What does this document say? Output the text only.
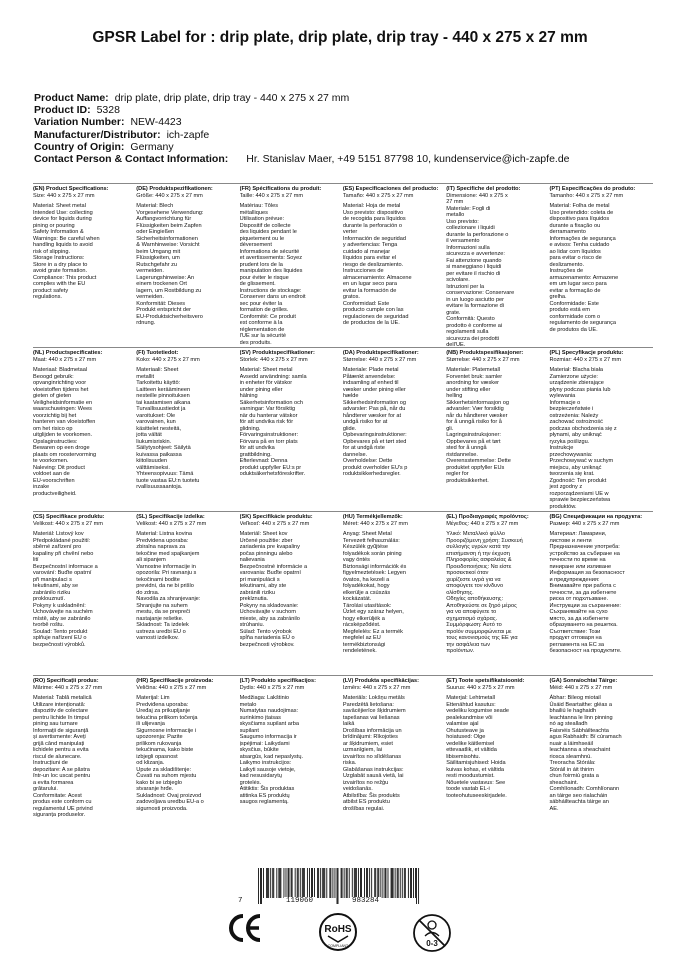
GPSR Label for : drip plate, drip plate, drip tray - 440 x 275 x 27 mm
Product Name: drip plate, drip plate, drip tray - 440 x 275 x 27 mm
Product ID: 5328
Variation Number: NEW-4423
Manufacturer/Distributor: ich-zapfe
Country of Origin: Germany
Contact Person & Contact Information: Hr. Stanislav Maer, +49 5151 87798 10, kundenservice@ich-zapfe.de
(EN) Product Specifications:
Size: 440 x 275 x 27 mm
Material: Sheet metal
Intended Use: collecting
device for liquids during
pining or pouring
Safety Information &
Warnings: Be careful when
handling liquids to avoid
risk of slipping.
Storage Instructions:
Store in a dry place to
avoid grate formation.
Compliance: This product
complies with the EU
product safety
regulations.
(DE) Produktspezifikationen:
Größe: 440 x 275 x 27 mm
Material: Blech
Vorgesehene Verwendung:
Auffangvorrichtung für
Flüssigkeiten beim Zapfen
oder Eingießen
Sicherheitsinformationen
& Warnhinweise: Vorsicht
beim Umgang mit
Flüssigkeiten, um
Rutschgefahr zu
vermeiden.
Lagerungshinweise: An
einem trockenen Ort
lagern, um Rostbildung zu
vermeiden.
Konformität: Dieses
Produkt entspricht der
EU-Produktsicherheitsverо
rdnung.
(FR) Spécifications du produit:
Taille: 440 x 275 x 27 mm
Matériau: Tôles
métalliques
Utilisation prévue:
Dispositif de collecte
des liquides pendant le
piquetement ou le
déversement
Informations de sécurité
et avertissements: Soyez
prudent lors de la
manipulation des liquides
pour éviter le risque
de glissement.
Instructions de stockage:
Conserver dans un endroit
sec pour éviter la
formation de grilles.
Conformité: Ce produit
est conforme à la
réglementation de
l'UE sur la sécurité
des produits.
(ES) Especificaciones del producto:
Tamaño: 440 x 275 x 27 mm
Material: Hoja de metal
Uso previsto: dispositivo
de recogida para líquidos
durante la perforación o
verter
Información de seguridad
y advertencias: Tenga
cuidado al manejar
líquidos para evitar el
riesgo de deslizamiento.
Instrucciones de
almacenamiento: Almacene
en un lugar seco para
evitar la formación de
gratos.
Conformidad: Este
producto cumple con las
regulaciones de seguridad
de productos de la UE.
(IT) Specifiche del prodotto:
Dimensione: 440 x 275 x
27 mm
Materiale: Fogli di
metallo
Uso previsto:
collezionare i liquidi
durante la perforazione o
il versamento
Informazioni sulla
sicurezza e avvertenze:
Fai attenzione quando
si maneggiano i liquidi
per evitare il rischio di
scivolare.
Istruzioni per la
conservazione: Conservare
in un luogo asciutto per
evitare la formazione di
grate.
Conformità: Questo
prodotto è conforme ai
regolamenti sulla
sicurezza dei prodotti
dell'UE.
(PT) Especificações do produto:
Tamanho: 440 x 275 x 27 mm
Material: Folha de metal
Uso pretendido: coleta de
dispositivo para líquidos
durante a fixação ou
derramamento
Informações de segurança
e avisos: Tenha cuidado
ao lidar com líquidos
para evitar o risco de
deslizamento.
Instruções de
armazenamento: Armazene
em um lugar seco para
evitar a formação de
grelha.
Conformidade: Este
produto está em
conformidade com o
regulamento de segurança
de produtos da UE.
(NL) Productspecificaties:
Maat: 440 x 275 x 27 mm
Materiaal: Bladmetaal
Beoogd gebruik:
opvanginrichting voor
vloeistoffen tijdens het
gieten of gieten
Veiligheidsinformatie en
waarschuwingen: Wees
voorzichtig bij het
hanteren van vloeistoffen
om het risico op
uitglijden te voorkomen.
Opslaginstructies:
Bewaren op een droge
plaats om roostervorming
te voorkomen.
Naleving: Dit product
voldoet aan de
EU-voorschriften
inzake
productveiligheid.
(FI) Tuotetiedot:
Koko: 440 x 275 x 27 mm
Materiaali: Sheet
metallit
Tarkoitettu käyttö:
Laitteen keräämineen
nesteille pinnoituksen
tai kaatamisen aikana
Turvallisuustiedot ja
varoitukset: Ole
varovainen, kun
käsittelet nesteitä,
jotta vältät
liukumisriskin.
Säilytysohjeet: Säilytä
kuivassa paikassa
kiitolisuuden
välttämiseksi.
Yhteensopivuus: Tämä
tuote vastaa EU:n tuotetu
rvallisuussaantoja.
(SV) Produktspecifikationer:
Storlek: 440 x 275 x 27 mm
Material: Sheet metal
Avsedd användning: samla
in enheter för vätskor
under pining eller
hälning
Säkerhetsinformation och
varningar: Var försiktig
när du hanterar vätskor
för att undvika risk för
glidning.
Förvaringsinstruktioner:
Förvara på en torr plats
för att undvika
grattbildning.
Efterlevnad: Denna
produkt uppfyller EU:s pr
oduktsäkerhetsföreskrifter.
(DA) Produktspecifikationer:
Størrelse: 440 x 275 x 27 mm
Materiale: Plade metal
Påtænkt anvendelse:
indsamling af enhed til
væsker under pining eller
hælde
Sikkerhedsinformation og
advarsler: Pas på, når du
håndterer væsker for at
undgå risiko for at
glide.
Opbevaringsinstruktioner:
Opbevares på et tørt sted
for at undgå riste
dannelse.
Overholdelse: Dette
produkt overholder EU's p
roduktsikkerhedsregler.
(NB) Produktspesifikasjoner:
Størrelse: 440 x 275 x 27 mm
Materiale: Platemetall
Forventet bruk: samler
anordning for væsker
under stifting eller
helling
Sikkerhetsinformasjon og
advarsler: Vær forsiktig
når du håndterer væsker
for å unngå risiko for å
gli.
Lagringsinstruksjoner:
Oppbevares på et tørt
sted for å unngå
ristdannelse.
Overensstemmelse: Dette
produktet oppfyller EUs
regler for
produktsikkerhet.
(PL) Specyfikacje produktu:
Rozmiar: 440 x 275 x 27 mm
Materiał: Blacha biała
Zamierzone użycie:
urządzenie zbierające
płyny podczas piania lub
wylewania
Informacje o
bezpieczeństwie i
ostrzeżenia: Należy
zachować ostrożność
podczas obchodzenia się z
płynami, aby uniknąć
ryzyka poślizgu.
Instrukcje
przechowywania:
Przechowywać w suchym
miejscu, aby uniknąć
tworzenia się krat.
Zgodność: Ten produkt
jest zgodny z
rozporządzeniami UE w
sprawie bezpieczeństwa
produktów.
(CS) Specifikace produktu:
Velikost: 440 x 275 x 27 mm
Materiál: Listový kov
Předpokládané použití:
sběrné zařízení pro
kapaliny při chvění nebo
lití
Bezpečnostní informace a
varování: Buďte opatrní
při manipulaci s
tekutinami, aby se
zabránilo riziku
proklouznutí.
Pokyny k uskladnění:
Uchovávejte na suchém
místě, aby se zabránilo
tvorbě roštu.
Soulad: Tento produkt
splňuje nařízení EU o
bezpečnosti výrobků.
(SL) Specifikacije izdelka:
Velikost: 440 x 275 x 27 mm
Material: Listna kovina
Predvidena uporaba:
zbiralna naprava za
tekočine med spajkanjem
ali sipanjem
Varnostne informacije in
opozorila: Pri ravnanju s
tekočinami bodite
previdni, da ne bi prišlo
do zdrsa.
Navodila za shranjevanje:
Shranjujte na suhem
mestu, da se prepreči
nastajanje rešetke.
Skladnost: Ta izdelek
ustreza uredbi EU o
varnosti izdelkov.
(SK) Špecifikácie produktu:
Veľkosť: 440 x 275 x 27 mm
Materiál: Sheet kov
Určené použitie: zber
zariadenia pre kvapaliny
počas pinningu alebo
nalievania
Bezpečnostné informácie a
varovania: Buďte opatrní
pri manipulácii s
tekutinami, aby ste
zabránili riziku
preklznutia.
Pokyny na skladovanie:
Uchovávajte v suchom
mieste, aby sa zabránilo
strúhaniu.
Súlad: Tento výrobok
spĺňa nariadenia EÚ o
bezpečnosti výrobkov.
(HU) Termékjellemzők:
Méret: 440 x 275 x 27 mm
Anyag: Sheet Metal
Tervezett felhasználás:
Készülék gyűjtése
folyadékok során pining
vagy öntés
Biztonsági információk és
figyelmeztetések: Legyen
óvatos, ha kezeli a
folyadékokat, hogy
elkerülje a csúszás
kockázatát.
Tárolási utasítások:
Üzlet egy száraz helyen,
hogy elkerüljék a
rácsképződést.
Megfelelés: Ez a termék
megfelel az EU
termékbiztonsági
rendeletének.
(EL) Προδιαγραφές προϊόντος:
Μέγεθος: 440 x 275 x 27 mm
Υλικό: Μεταλλικό φύλλο
Προοριζόμενη χρήση: Συσκευή
συλλογής υγρών κατά την
επισήμανση ή την έκχυση
Πληροφορίες ασφαλείας &
Προειδοποιήσεις: Να είστε
προσεκτικοί όταν
χειρίζεστε υγρά για να
αποφύγετε τον κίνδυνο
ολίσθησης.
Οδηγίες αποθήκευσης:
Αποθηκεύστε σε ξηρό μέρος
για να αποφύγετε το
σχηματισμό σχάρας.
Συμμόρφωση: Αυτό το
προϊόν συμμορφώνεται με
τους κανονισμούς της ΕΕ για
την ασφάλεια των
προϊόντων.
(BG) Спецификации на продукта:
Размер: 440 x 275 x 27 mm
Материал: Ламарини,
листове и ленти
Предназначение употреба:
устройство за събиране на
течности по време на
пиниране или изливане
Информация за безопасност
и предупреждения:
Внимавайте при работа с
течности, за да избегнете
риска от подхлъзване.
Инструкции за съхранение:
Съхранявайте на сухо
място, за да избегнете
образуването на решетка.
Съответствие: Този
продукт отговаря на
регламента на ЕС за
безопасност на продуктите.
(RO) Specificații produs:
Mărime: 440 x 275 x 27 mm
Material: Tablă metalică
Utilizare intenționată:
dispozitiv de colectare
pentru lichide în timpul
pining sau turnare
Informații de siguranță
și avertismente: Aveți
grijă când manipulați
lichidele pentru a evita
riscul de alunecare.
Instrucțiuni de
depozitare: A se păstra
într-un loc uscat pentru
a evita formarea
grătarului.
Conformitate: Acest
produs este conform cu
regulamentul UE privind
siguranța produselor.
(HR) Specifikacije proizvoda:
Veličina: 440 x 275 x 27 mm
Materijal: Lim
Predviđena uporaba:
Uređaj za prikupljanje
tekućina prilikom točenja
ili ulijevanja
Sigurnosne informacije i
upozorenja: Pazite
prilikom rukovanja
tekućinama, kako biste
izbjegli opasnost
od klizanja.
Upute za skladištenje:
Čuvati na suhom mjestu
kako bi se izbjeglo
stvaranje hrđe.
Sukladnost: Ovaj proizvod
zadovoljava uredbu EU-a o
sigurnosti proizvoda.
(LT) Produkto specifikacijos:
Dydis: 440 x 275 x 27 mm
Medžiaga: Lakštinio
metalo
Numatytas naudojimas:
surinkimo įtaisas
skysčiams supilant arba
supilant
Saugumo informacija ir
įspėjimai: Laikydami
skysčius, būkite
atsargūs, kad nepaslystų.
Laikymo instrukcijos:
Laikyti sausoje vietoje,
kad nesusidarytų
grotelės.
Atitiktis: Šis produktas
atitinka ES produktų
saugos reglamentą.
(LV) Produkta specifikācijas:
Izmērs: 440 x 275 x 27 mm
Materiāls: Lokšņu metāls
Paredzētā lietošana:
savācējierīce šķidrumiem
tapešanas vai liešanas
laikā
Drošības informācija un
brīdinājumi: Rīkojoties
ar šķidrumiem, esiet
uzmanīgiem, lai
izvairītos no slīdēšanas
riska.
Glabāšanas instrukcijas:
Uzglabāt sausā vietā, lai
izvairītos no režģu
veidošanās.
Atbilstība: Šis produkts
atbilst ES produktu
drošības regulai.
(ET) Toote spetsifikatsioonid:
Suurus: 440 x 275 x 27 mm
Materjal: Lehtmetall
Ettenähtud kasutus:
vedeliku kogumise seade
pealekandmise või
valamise ajal
Ohutusteave ja
hoiatused: Olge
vedelike käitlemisel
ettevaatlik, et vältida
libisemisohtu.
Säilitamisjuhised: Hoida
kuivas kohas, et vältida
resti moodustumist.
Nõuetele vastavus: See
toode vastab EL-i
tooteohutuseeskirjadele.
(GA) Sonraíochtaí Táirge:
Méid: 440 x 275 x 27 mm
Ábhar: Bileog miotail
Úsáid Beartaithe: gléas a
bhailiú le haghaidh
leachtanna le linn pinning
nó ag stealladh
Faisnéis Sábháilteachta
agus Rabhaidh: Bí cúramach
nuair a láimhseáil
leachtanna a sheachaint
riosca sleamhnú.
Treoracha Stórála:
Stóráil in áit thirim
chun foirmiú grata a
sheachaint.
Comhlíonadh: Comhlíonann
an táirge seo rialacháin
sábháilteachta táirge an
AE.
7	119060	983284
RoHS
COMPLIANT	0-3
